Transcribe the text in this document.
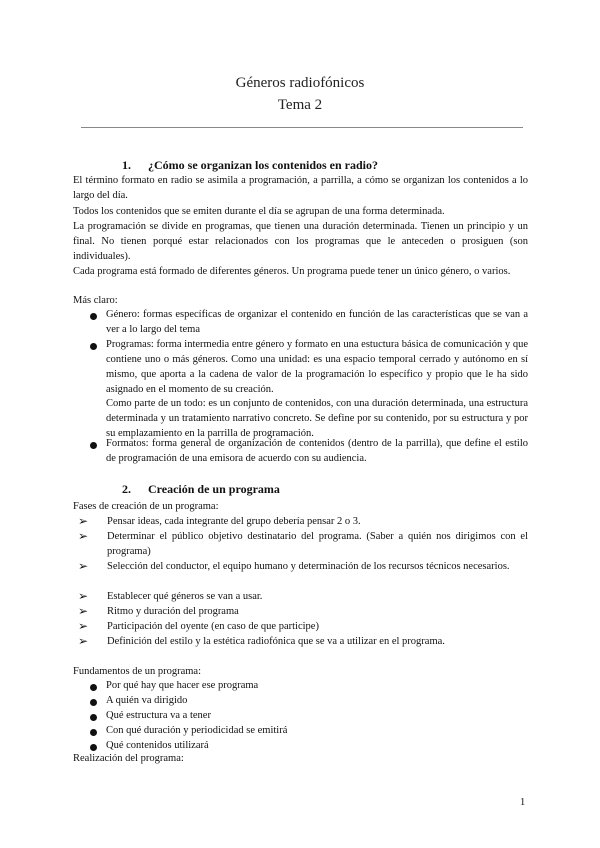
Géneros radiofónicos
Tema 2
1. ¿Cómo se organizan los contenidos en radio?
El término formato en radio se asimila a programación, a parrilla, a cómo se organizan los contenidos a lo largo del día.
Todos los contenidos que se emiten durante el día se agrupan de una forma determinada.
La programación se divide en programas, que tienen una duración determinada. Tienen un principio y un final. No tienen porqué estar relacionados con los programas que le anteceden o prosiguen (son individuales).
Cada programa está formado de diferentes géneros. Un programa puede tener un único género, o varios.
Más claro:
Género: formas específicas de organizar el contenido en función de las características que se van a ver a lo largo del tema
Programas: forma intermedia entre género y formato en una estuctura básica de comunicación y que contiene uno o más géneros. Como una unidad: es una espacio temporal cerrado y autónomo en sí mismo, que aporta a la cadena de valor de la programación lo específico y propio que le ha sido asignado en el momento de su creación.
Como parte de un todo: es un conjunto de contenidos, con una duración determinada, una estructura determinada y un tratamiento narrativo concreto. Se define por su contenido, por su estructura y por su emplazamiento en la parrilla de programación.
Formatos: forma general de organización de contenidos (dentro de la parrilla), que define el estilo de programación de una emisora de acuerdo con su audiencia.
2. Creación de un programa
Fases de creación de un programa:
➢ Pensar ideas, cada integrante del grupo debería pensar 2 o 3.
➢ Determinar el público objetivo destinatario del programa. (Saber a quién nos dirigimos con el programa)
➢ Selección del conductor, el equipo humano y determinación de los recursos técnicos necesarios.
➢ Establecer qué géneros se van a usar.
➢ Ritmo y duración del programa
➢ Participación del oyente (en caso de que participe)
➢ Definición del estilo y la estética radiofónica que se va a utilizar en el programa.
Fundamentos de un programa:
Por qué hay que hacer ese programa
A quién va dirigido
Qué estructura va a tener
Con qué duración y periodicidad se emitirá
Qué contenidos utilizará
Realización del programa:
1
